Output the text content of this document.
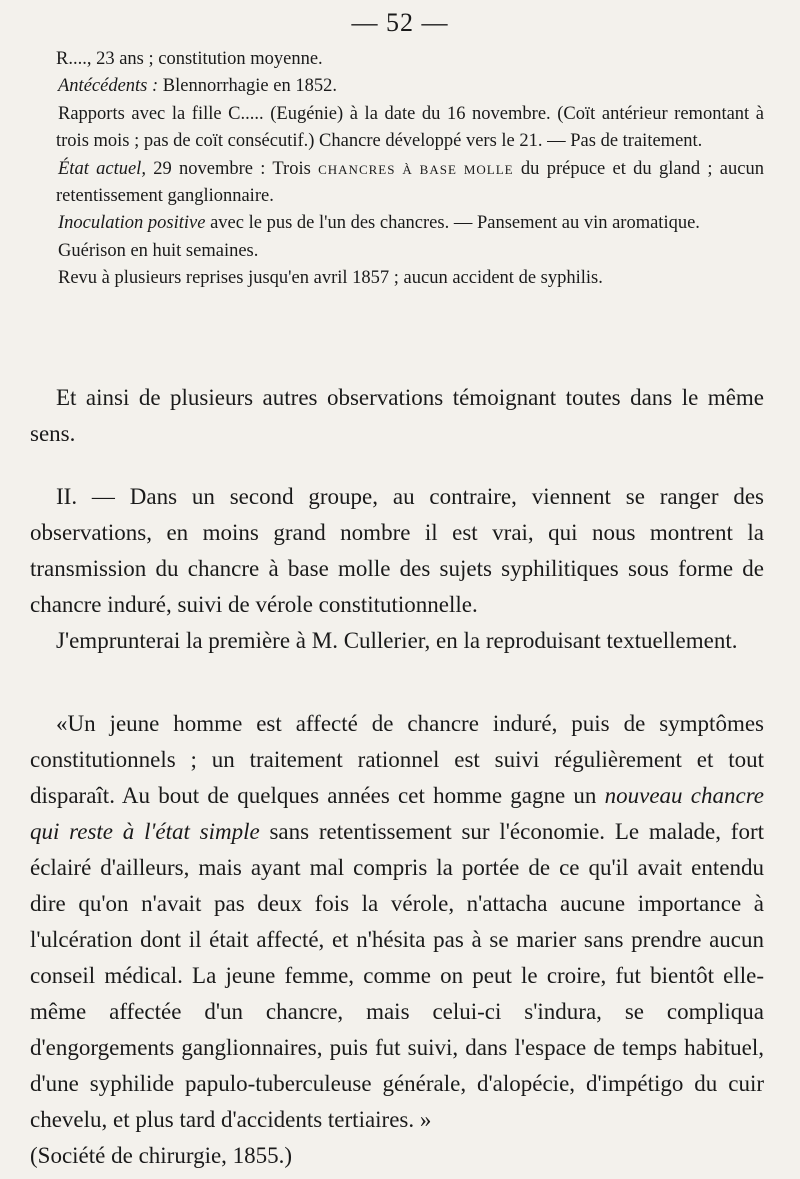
— 52 —

R...., 23 ans ; constitution moyenne.

Antécédents : Blennorrhagie en 1852.

Rapports avec la fille C..... (Eugénie) à la date du 16 novembre. (Coït antérieur remontant à trois mois ; pas de coït consécutif.) Chancre développé vers le 21. — Pas de traitement.

État actuel, 29 novembre : Trois CHANCRES À BASE MOLLE du prépuce et du gland ; aucun retentissement ganglionnaire.

Inoculation positive avec le pus de l'un des chancres. — Pansement au vin aromatique.

Guérison en huit semaines.

Revu à plusieurs reprises jusqu'en avril 1857 ; aucun accident de syphilis.

Et ainsi de plusieurs autres observations témoignant toutes dans le même sens.

II. — Dans un second groupe, au contraire, viennent se ranger des observations, en moins grand nombre il est vrai, qui nous montrent la transmission du chancre à base molle des sujets syphilitiques sous forme de chancre induré, suivi de vérole constitutionnelle.

J'emprunterai la première à M. Cullerier, en la reproduisant textuellement.

«Un jeune homme est affecté de chancre induré, puis de symptômes constitutionnels ; un traitement rationnel est suivi régulièrement et tout disparaît. Au bout de quelques années cet homme gagne un nouveau chancre qui reste à l'état simple sans retentissement sur l'économie. Le malade, fort éclairé d'ailleurs, mais ayant mal compris la portée de ce qu'il avait entendu dire qu'on n'avait pas deux fois la vérole, n'attacha aucune importance à l'ulcération dont il était affecté, et n'hésita pas à se marier sans prendre aucun conseil médical. La jeune femme, comme on peut le croire, fut bientôt elle-même affectée d'un chancre, mais celui-ci s'indura, se compliqua d'engorgements ganglionnaires, puis fut suivi, dans l'espace de temps habituel, d'une syphilide papulo-tuberculeuse générale, d'alopécie, d'impétigo du cuir chevelu, et plus tard d'accidents tertiaires. »

(Société de chirurgie, 1855.)
